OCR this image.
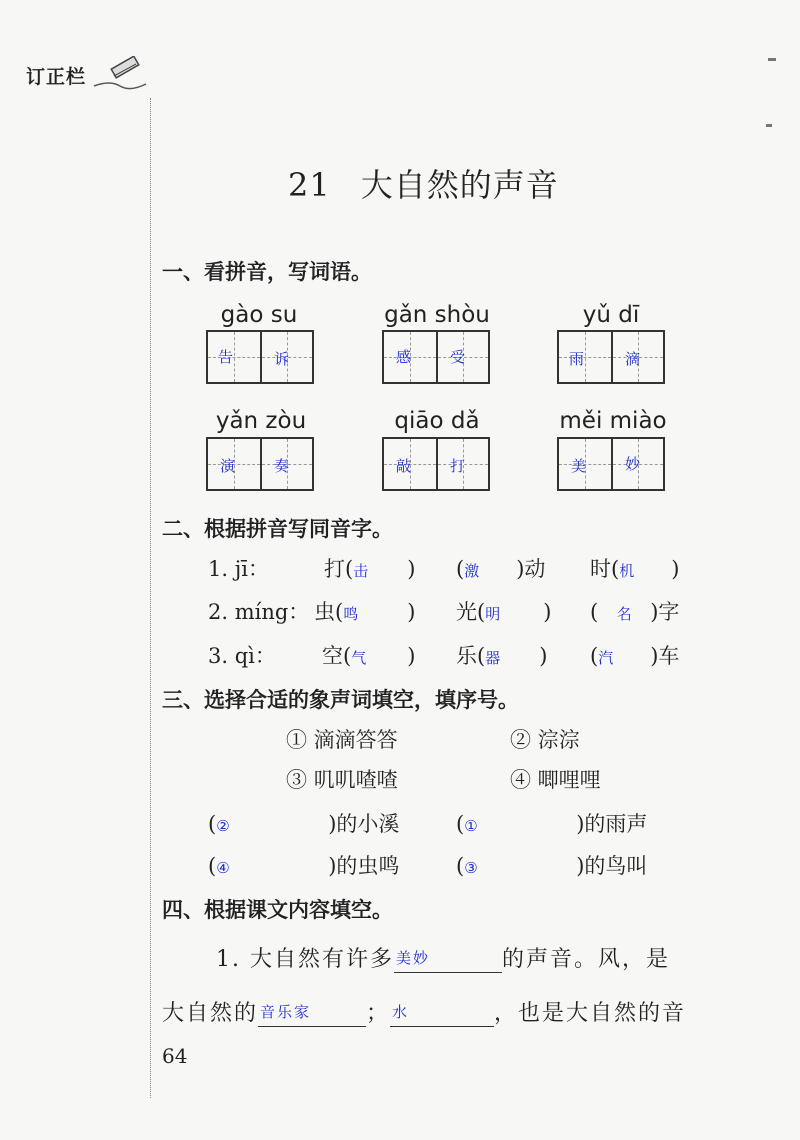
订正栏
21 大自然的声音
一、看拼音，写词语。
gào su
告	诉
gǎn shòu
感	受
yǔ dī
雨	滴
yǎn zòu
演	奏
qiāo dǎ
敲	打
měi miào
美	妙
二、根据拼音写同音字。
1. jī：	打(击 ) (激 )动 时(机 )
2. míng： 虫(鸣 ) 光(明 ) ( 名 )字
3. qì： 空(气 ) 乐(器 ) (汽 )车
三、选择合适的象声词填空，填序号。
① 滴滴答答	② 淙淙
③ 叽叽喳喳	④ 唧哩哩
(②	)的小溪	(①	)的雨声
(④	)的虫鸣	(③	)的鸟叫
四、根据课文内容填空。
1. 大自然有许多 美妙	的声音。风，是
大自然的 音乐家 ； 水	，也是大自然的音
64
